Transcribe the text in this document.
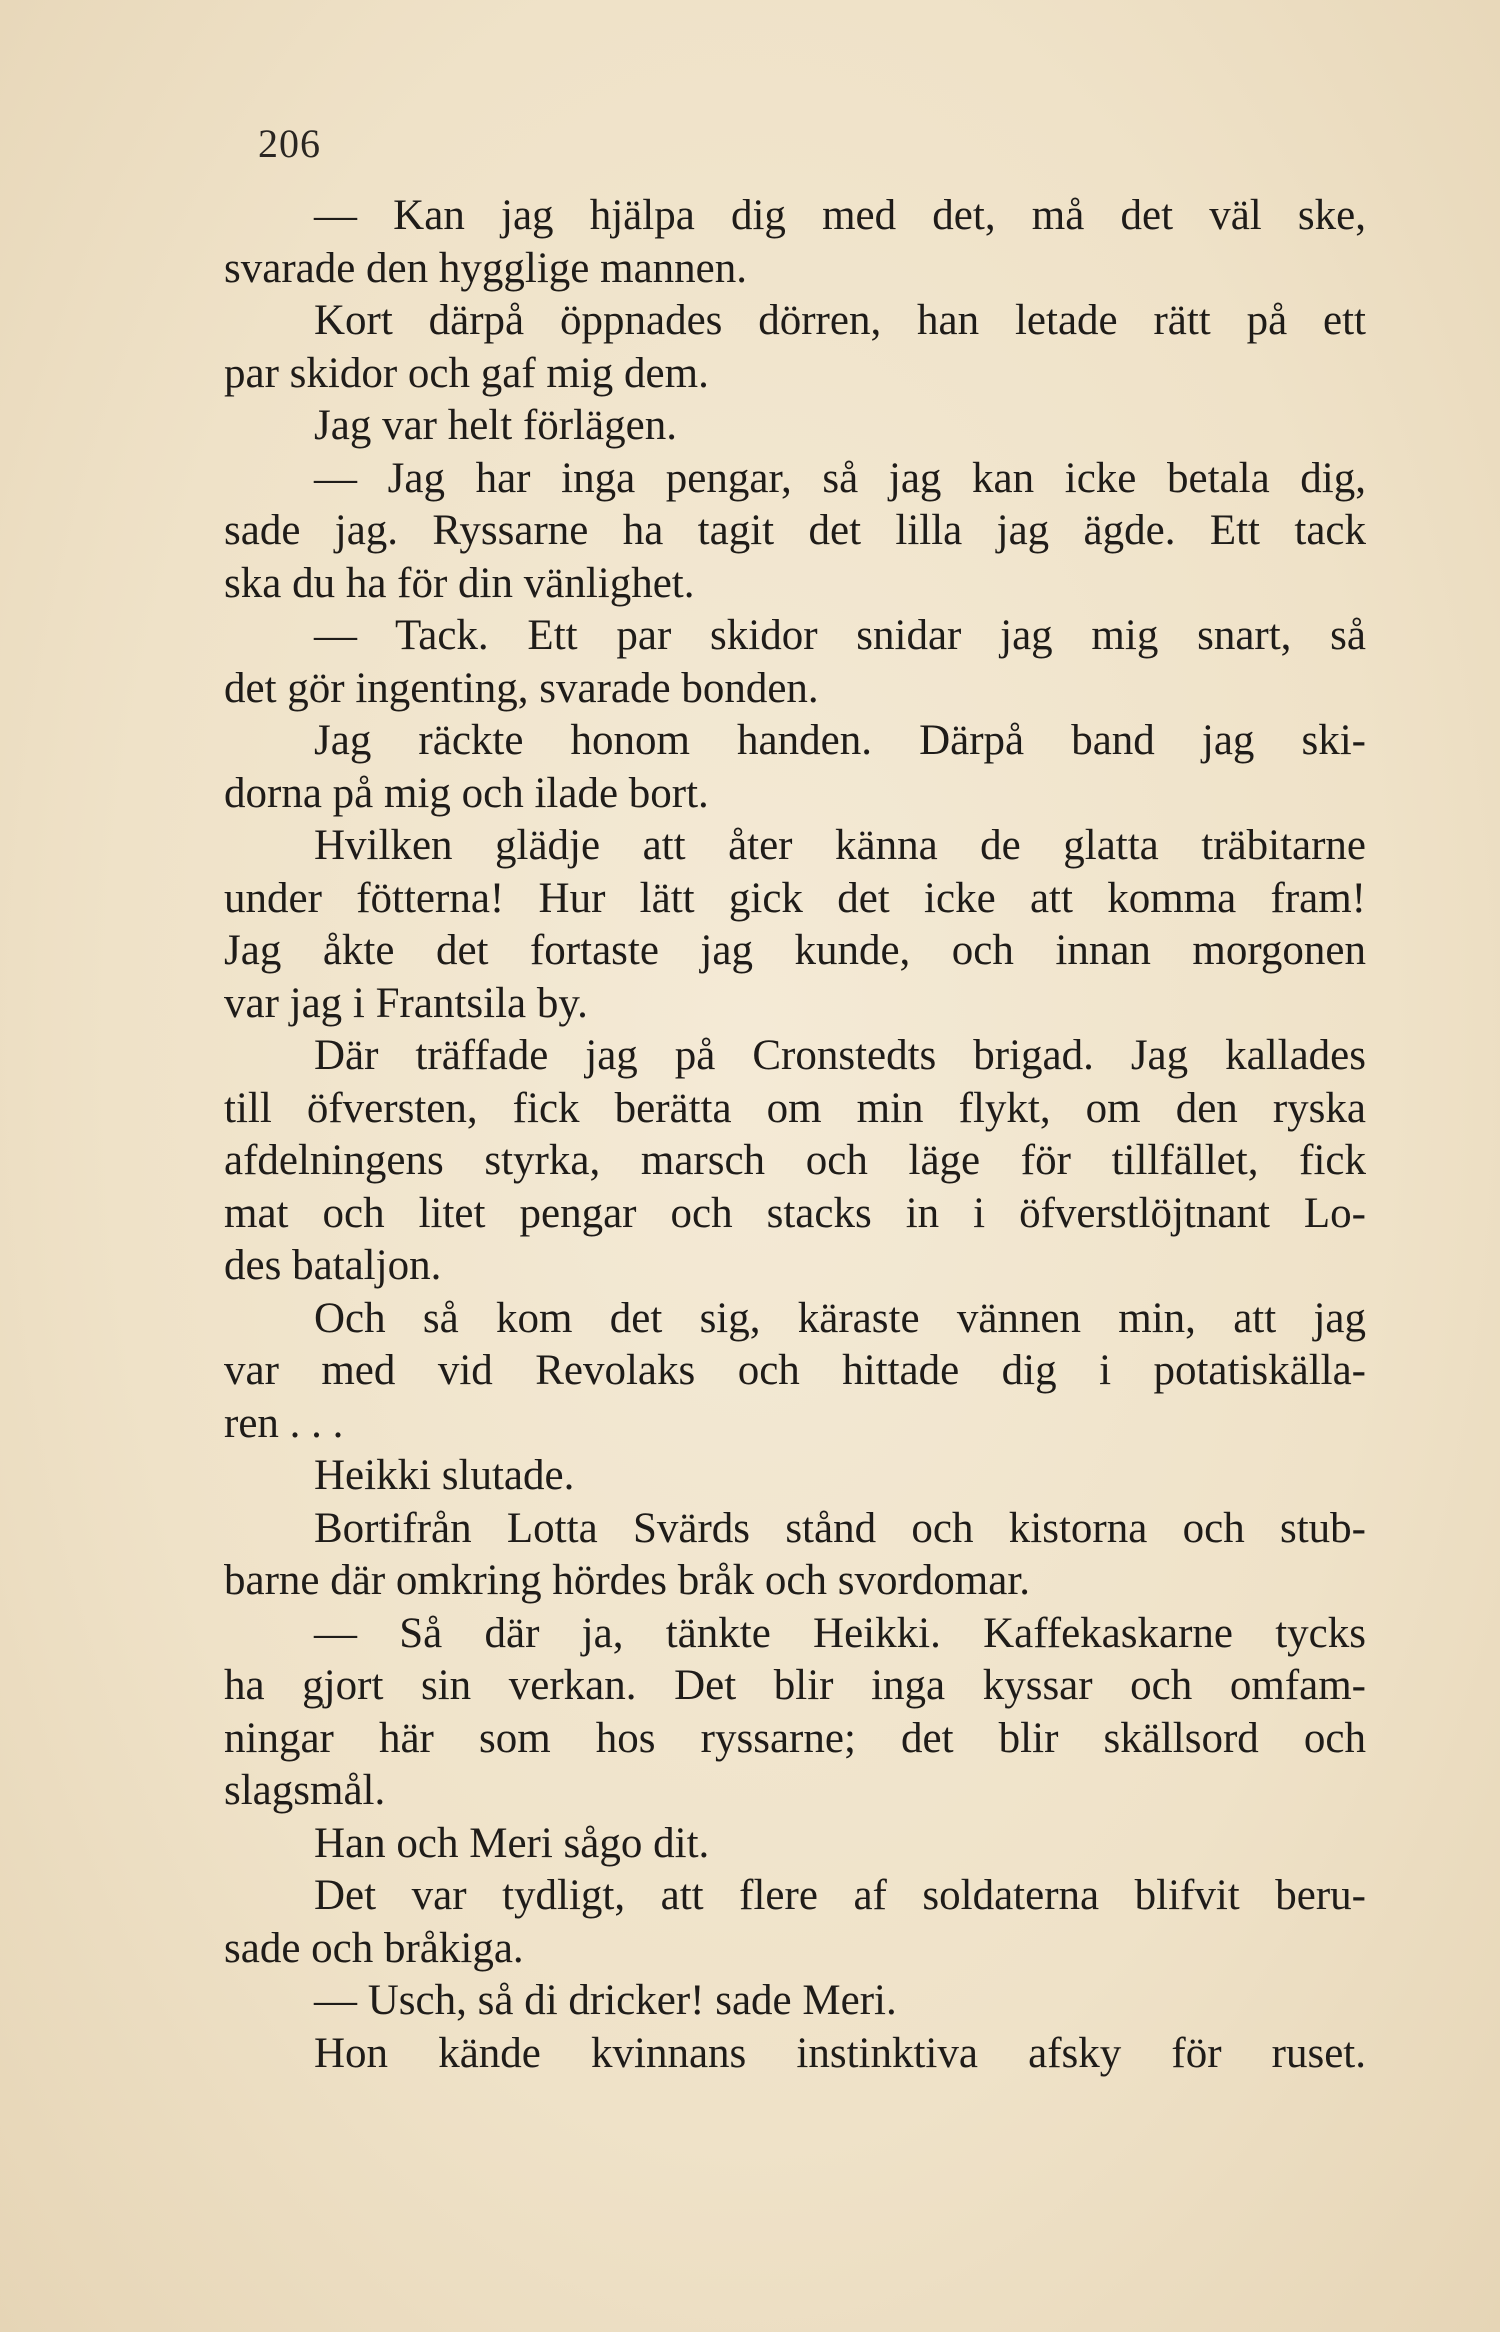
206
— Kan jag hjälpa dig med det, må det väl ske,
svarade den hygglige mannen.
Kort därpå öppnades dörren, han letade rätt på ett
par skidor och gaf mig dem.
Jag var helt förlägen.
— Jag har inga pengar, så jag kan icke betala dig,
sade jag. Ryssarne ha tagit det lilla jag ägde. Ett tack
ska du ha för din vänlighet.
— Tack. Ett par skidor snidar jag mig snart, så
det gör ingenting, svarade bonden.
Jag räckte honom handen. Därpå band jag ski-
dorna på mig och ilade bort.
Hvilken glädje att åter känna de glatta träbitarne
under fötterna! Hur lätt gick det icke att komma fram!
Jag åkte det fortaste jag kunde, och innan morgonen
var jag i Frantsila by.
Där träffade jag på Cronstedts brigad. Jag kallades
till öfversten, fick berätta om min flykt, om den ryska
afdelningens styrka, marsch och läge för tillfället, fick
mat och litet pengar och stacks in i öfverstlöjtnant Lo-
des bataljon.
Och så kom det sig, käraste vännen min, att jag
var med vid Revolaks och hittade dig i potatiskälla-
ren . . .
Heikki slutade.
Bortifrån Lotta Svärds stånd och kistorna och stub-
barne där omkring hördes bråk och svordomar.
— Så där ja, tänkte Heikki. Kaffekaskarne tycks
ha gjort sin verkan. Det blir inga kyssar och omfam-
ningar här som hos ryssarne; det blir skällsord och
slagsmål.
Han och Meri sågo dit.
Det var tydligt, att flere af soldaterna blifvit beru-
sade och bråkiga.
— Usch, så di dricker! sade Meri.
Hon kände kvinnans instinktiva afsky för ruset.
